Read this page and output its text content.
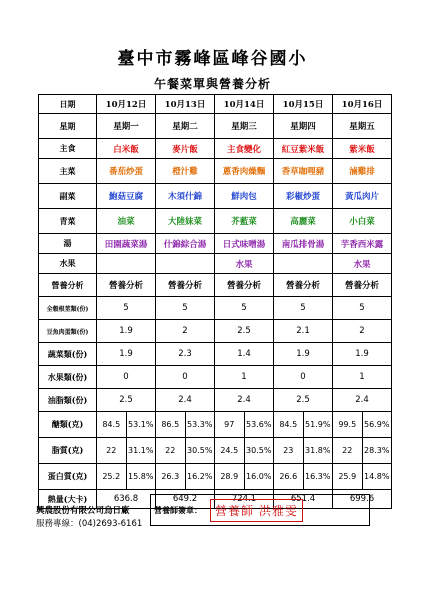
臺中市霧峰區峰谷國小
午餐菜單與營養分析
日期	10月12日	10月13日	10月14日	10月15日	10月16日
星期	星期一	星期二	星期三	星期四	星期五
主食	白米飯	麥片飯	主食變化	紅豆紫米飯	紫米飯
主菜	番茄炒蛋	橙汁雞	蔥香肉燥麵	香草咖哩豬	滷雞排
副菜	鮑菇豆腐	木須什錦	鮮肉包	彩椒炒蛋	黃瓜肉片
青菜	油菜	大陸妹菜	芥藍菜	高麗菜	小白菜
湯	田園蔬菜湯	什錦綜合湯	日式味噌湯	南瓜排骨湯	芋香西米露
水果			水果		水果
營養分析	營養分析	營養分析	營養分析	營養分析	營養分析
全穀根莖類(份)	5	5	5	5	5
豆魚肉蛋類(份)	1.9	2	2.5	2.1	2
蔬菜類(份)	1.9	2.3	1.4	1.9	1.9
水果類(份)	0	0	1	0	1
油脂類(份)	2.5	2.4	2.4	2.5	2.4
醣類(克)	84.5 53.1%	86.5 53.3%	97 53.6%	84.5 51.9%	99.5 56.9%

脂質(克)	22 31.1%	22 30.5%	24.5 30.5%	23 31.8%	22 28.3%

蛋白質(克)	25.2 15.8%	26.3 16.2%	28.9 16.0%	26.6 16.3%	25.9 14.8%

熱量(大卡)	636.8	649.2	724.1	651.4	699.6
興農股份有限公司烏日廠
服務專線：(04)2693-6161
營養師簽章：	營養師 洪雅雯
